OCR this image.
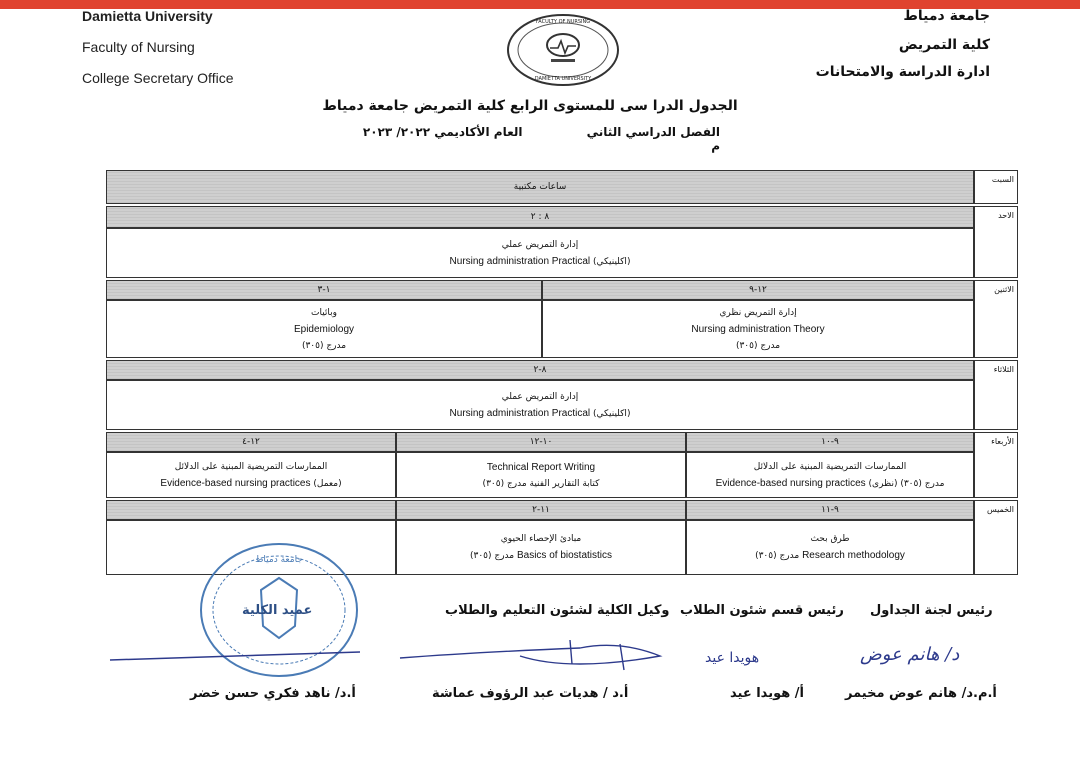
Damietta University
Faculty of Nursing
College Secretary Office
جامعة دمياط
كلية التمريض
ادارة الدراسة والامتحانات
FACULTY OF NURSING
DAMIETTA UNIVERSITY
الجدول الدرا سى للمستوى الرابع كلية التمريض جامعة دمياط
الفصل الدراسي الثاني العام الأكاديمي ٢٠٢٢/ ٢٠٢٣ م
السبت
الاحد
الاثنين
الثلاثاء
الأربعاء
الخميس
ساعات مكتبية
٨ : ٢
إدارة التمريض عملي
Nursing administration Practical (اكلينيكي)
١٢-٩
١-٣
إدارة التمريض نظري
Nursing administration Theory
مدرج (٣٠٥)
وبائيات
Epidemiology
مدرج (٣٠٥)
٨-٢
إدارة التمريض عملي
Nursing administration Practical (اكلينيكي)
٩-١٠
١٠-١٢
١٢-٤
الممارسات التمريضية المبنية على الدلائل
Evidence-based nursing practices (نظرى) مدرج (٣٠٥)
Technical Report Writing
كتابة التقارير الفنية مدرج (٣٠٥)
الممارسات التمريضية المبنية على الدلائل
Evidence-based nursing practices (معمل)
٩-١١
١١-٢
طرق بحث
مدرج (٣٠٥) Research methodology
مبادئ الإحصاء الحيوي
مدرج (٣٠٥) Basics of biostatistics
جامعة دمياط
هويدا عيد	د/ هانم عوض
رئيس لجنة الجداول
رئيس قسم شئون الطلاب
وكيل الكلية لشئون التعليم والطلاب
عميد الكلية
أ.م.د/ هانم عوض مخيمر
أ/ هويدا عيد
أ.د / هديات عبد الرؤوف عماشة
أ.د/ ناهد فكري حسن خضر
